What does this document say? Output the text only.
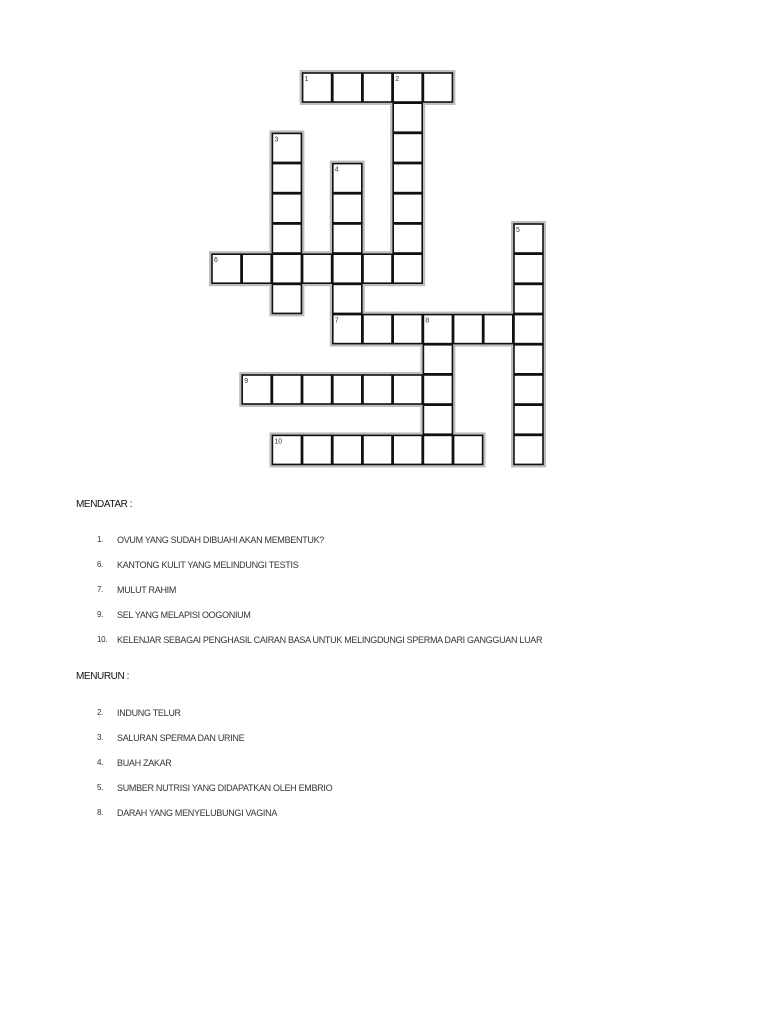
1	2
3
4
5
6
7	8
9
10
MENDATAR :
1. OVUM YANG SUDAH DIBUAHI AKAN MEMBENTUK?
6. KANTONG KULIT YANG MELINDUNGI TESTIS
7. MULUT RAHIM
9. SEL YANG MELAPISI OOGONIUM
10. KELENJAR SEBAGAI PENGHASIL CAIRAN BASA UNTUK MELINGDUNGI SPERMA DARI GANGGUAN LUAR
MENURUN :
2. INDUNG TELUR
3. SALURAN SPERMA DAN URINE
4. BUAH ZAKAR
5. SUMBER NUTRISI YANG DIDAPATKAN OLEH EMBRIO
8. DARAH YANG MENYELUBUNGI VAGINA
